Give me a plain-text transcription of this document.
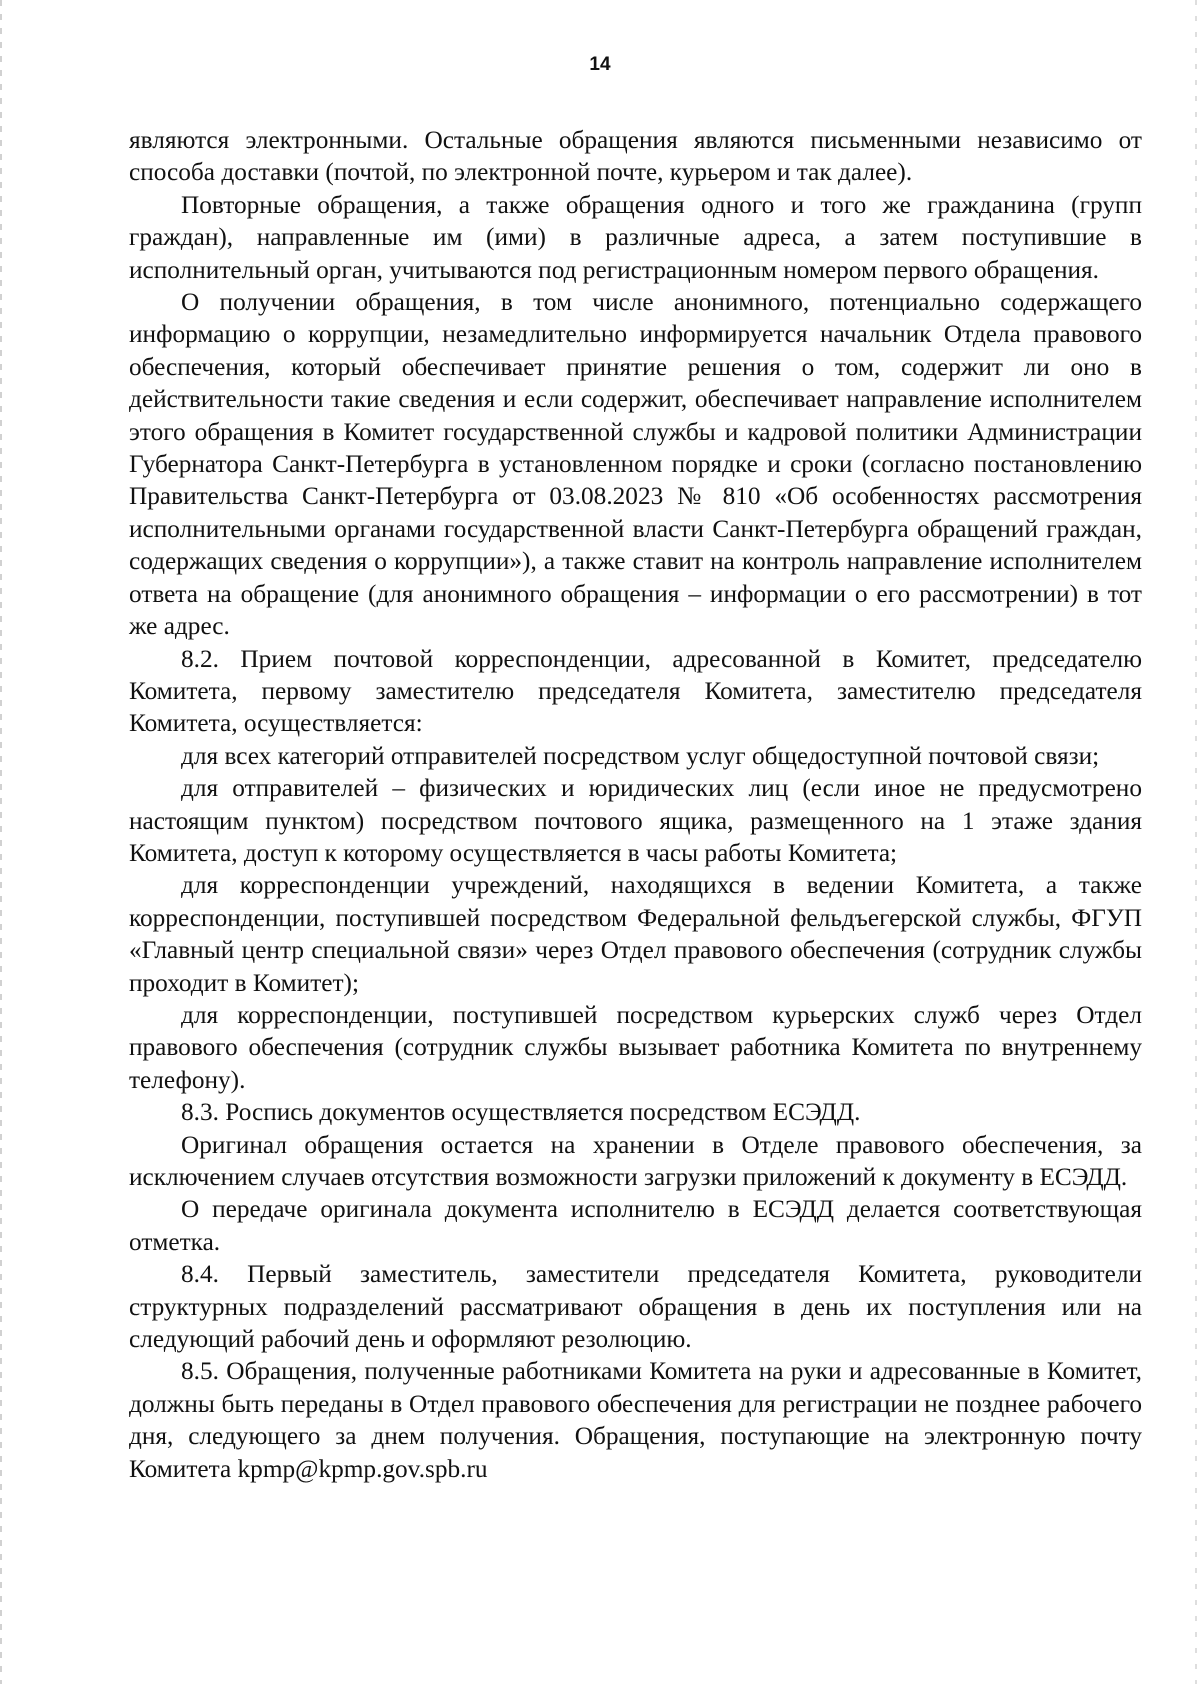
14

являются электронными. Остальные обращения являются письменными независимо от способа доставки (почтой, по электронной почте, курьером и так далее).

Повторные обращения, а также обращения одного и того же гражданина (групп граждан), направленные им (ими) в различные адреса, а затем поступившие в исполнительный орган, учитываются под регистрационным номером первого обращения.

О получении обращения, в том числе анонимного, потенциально содержащего информацию о коррупции, незамедлительно информируется начальник Отдела правового обеспечения, который обеспечивает принятие решения о том, содержит ли оно в действительности такие сведения и если содержит, обеспечивает направление исполнителем этого обращения в Комитет государственной службы и кадровой политики Администрации Губернатора Санкт-Петербурга в установленном порядке и сроки (согласно постановлению Правительства Санкт-Петербурга от 03.08.2023 № 810 «Об особенностях рассмотрения исполнительными органами государственной власти Санкт-Петербурга обращений граждан, содержащих сведения о коррупции»), а также ставит на контроль направление исполнителем ответа на обращение (для анонимного обращения – информации о его рассмотрении) в тот же адрес.

8.2. Прием почтовой корреспонденции, адресованной в Комитет, председателю Комитета, первому заместителю председателя Комитета, заместителю председателя Комитета, осуществляется:

для всех категорий отправителей посредством услуг общедоступной почтовой связи;

для отправителей – физических и юридических лиц (если иное не предусмотрено настоящим пунктом) посредством почтового ящика, размещенного на 1 этаже здания Комитета, доступ к которому осуществляется в часы работы Комитета;

для корреспонденции учреждений, находящихся в ведении Комитета, а также корреспонденции, поступившей посредством Федеральной фельдъегерской службы, ФГУП «Главный центр специальной связи» через Отдел правового обеспечения (сотрудник службы проходит в Комитет);

для корреспонденции, поступившей посредством курьерских служб через Отдел правового обеспечения (сотрудник службы вызывает работника Комитета по внутреннему телефону).

8.3. Роспись документов осуществляется посредством ЕСЭДД.

Оригинал обращения остается на хранении в Отделе правового обеспечения, за исключением случаев отсутствия возможности загрузки приложений к документу в ЕСЭДД.

О передаче оригинала документа исполнителю в ЕСЭДД делается соответствующая отметка.

8.4. Первый заместитель, заместители председателя Комитета, руководители структурных подразделений рассматривают обращения в день их поступления или на следующий рабочий день и оформляют резолюцию.

8.5. Обращения, полученные работниками Комитета на руки и адресованные в Комитет, должны быть переданы в Отдел правового обеспечения для регистрации не позднее рабочего дня, следующего за днем получения. Обращения, поступающие на электронную почту Комитета kpmp@kpmp.gov.spb.ru
